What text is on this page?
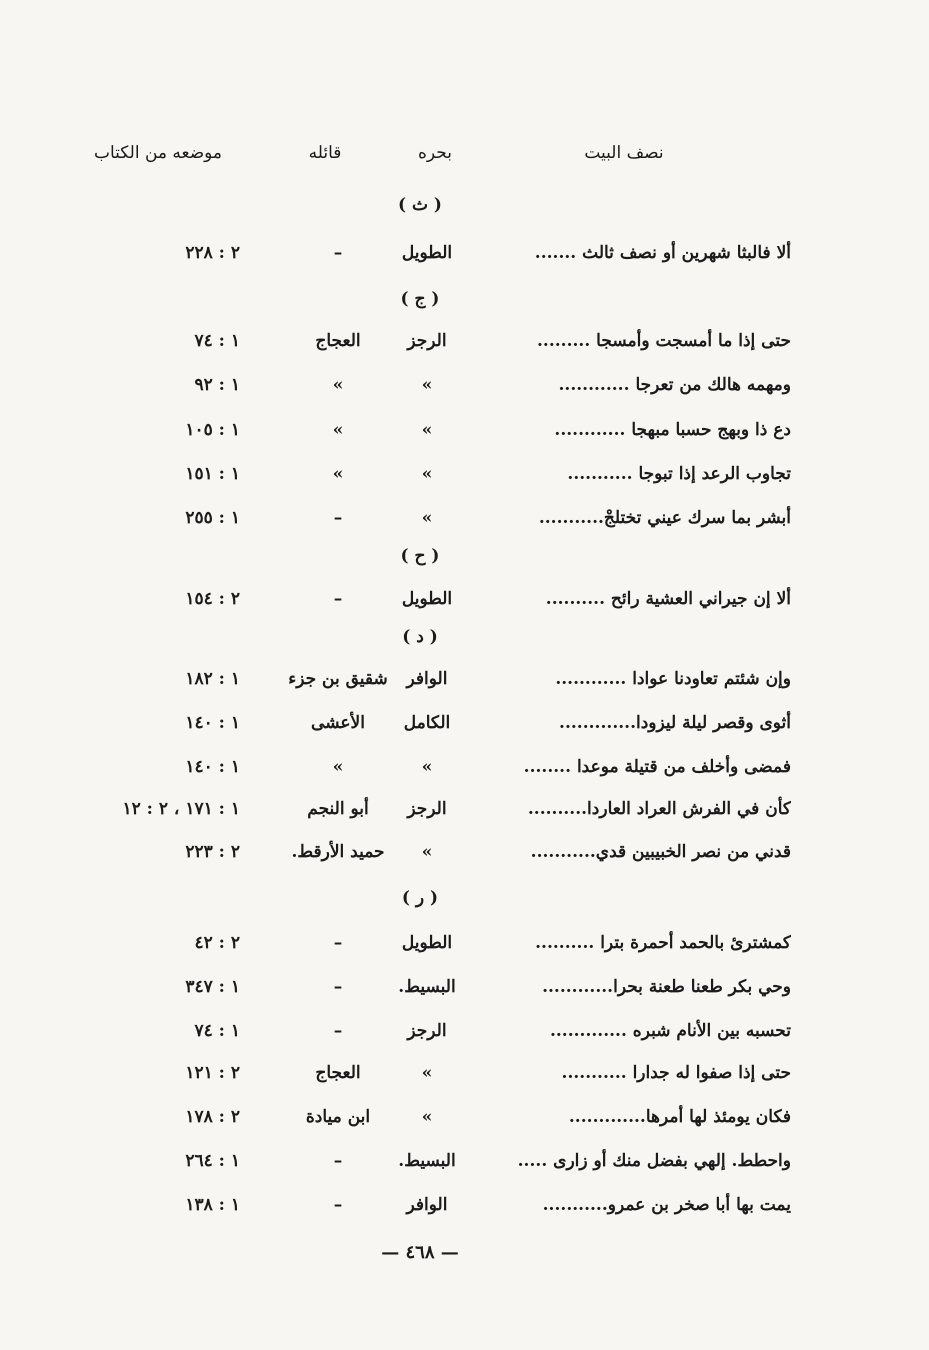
نصف البيت
بحره
قائله
موضعه من الكتاب
( ث )
ألا فالبثا شهرين أو نصف ثالث .......
الطويل
–
٢ : ٢٢٨
( ج )
حتى إذا ما أمسجت وأمسجا .........
الرجز
العجاج
١ : ٧٤
ومهمه هالك من تعرجا ............
»
»
١ : ٩٢
دع ذا وبهج حسبا مبهجا ............
»
»
١ : ١٠٥
تجاوب الرعد إذا تبوجا ...........
»
»
١ : ١٥١
أبشر بما سرك عيني تختلجْ...........
»
–
١ : ٢٥٥
( ح )
ألا إن جيراني العشية رائح ..........
الطويل
–
٢ : ١٥٤
( د )
وإن شئتم تعاودنا عوادا ............
الوافر
شقيق بن جزء
١ : ١٨٢
أثوى وقصر ليلة ليزودا.............
الكامل
الأعشى
١ : ١٤٠
فمضى وأخلف من قتيلة موعدا ........
»
»
١ : ١٤٠
كأن في الفرش العراد العاردا..........
الرجز
أبو النجم
١ : ١٧١ ، ٢ : ١٢
قدني من نصر الخبيبين قدي...........
»
حميد الأرقط.
٢ : ٢٢٣
( ر )
كمشترئ بالحمد أحمرة بترا ..........
الطويل
–
٢ : ٤٢
وحي بكر طعنا طعنة بحرا............
البسيط.
–
١ : ٣٤٧
تحسبه بين الأنام شبره .............
الرجز
–
١ : ٧٤
حتى إذا صفوا له جدارا ...........
»
العجاج
٢ : ١٢١
فكان يومئذ لها أمرها.............
»
ابن ميادة
٢ : ١٧٨
واحطط. إلهي بفضل منك أو زارى .....
البسيط.
–
١ : ٢٦٤
يمت بها أبا صخر بن عمرو...........
الوافر
–
١ : ١٣٨
— ٤٦٨ —
